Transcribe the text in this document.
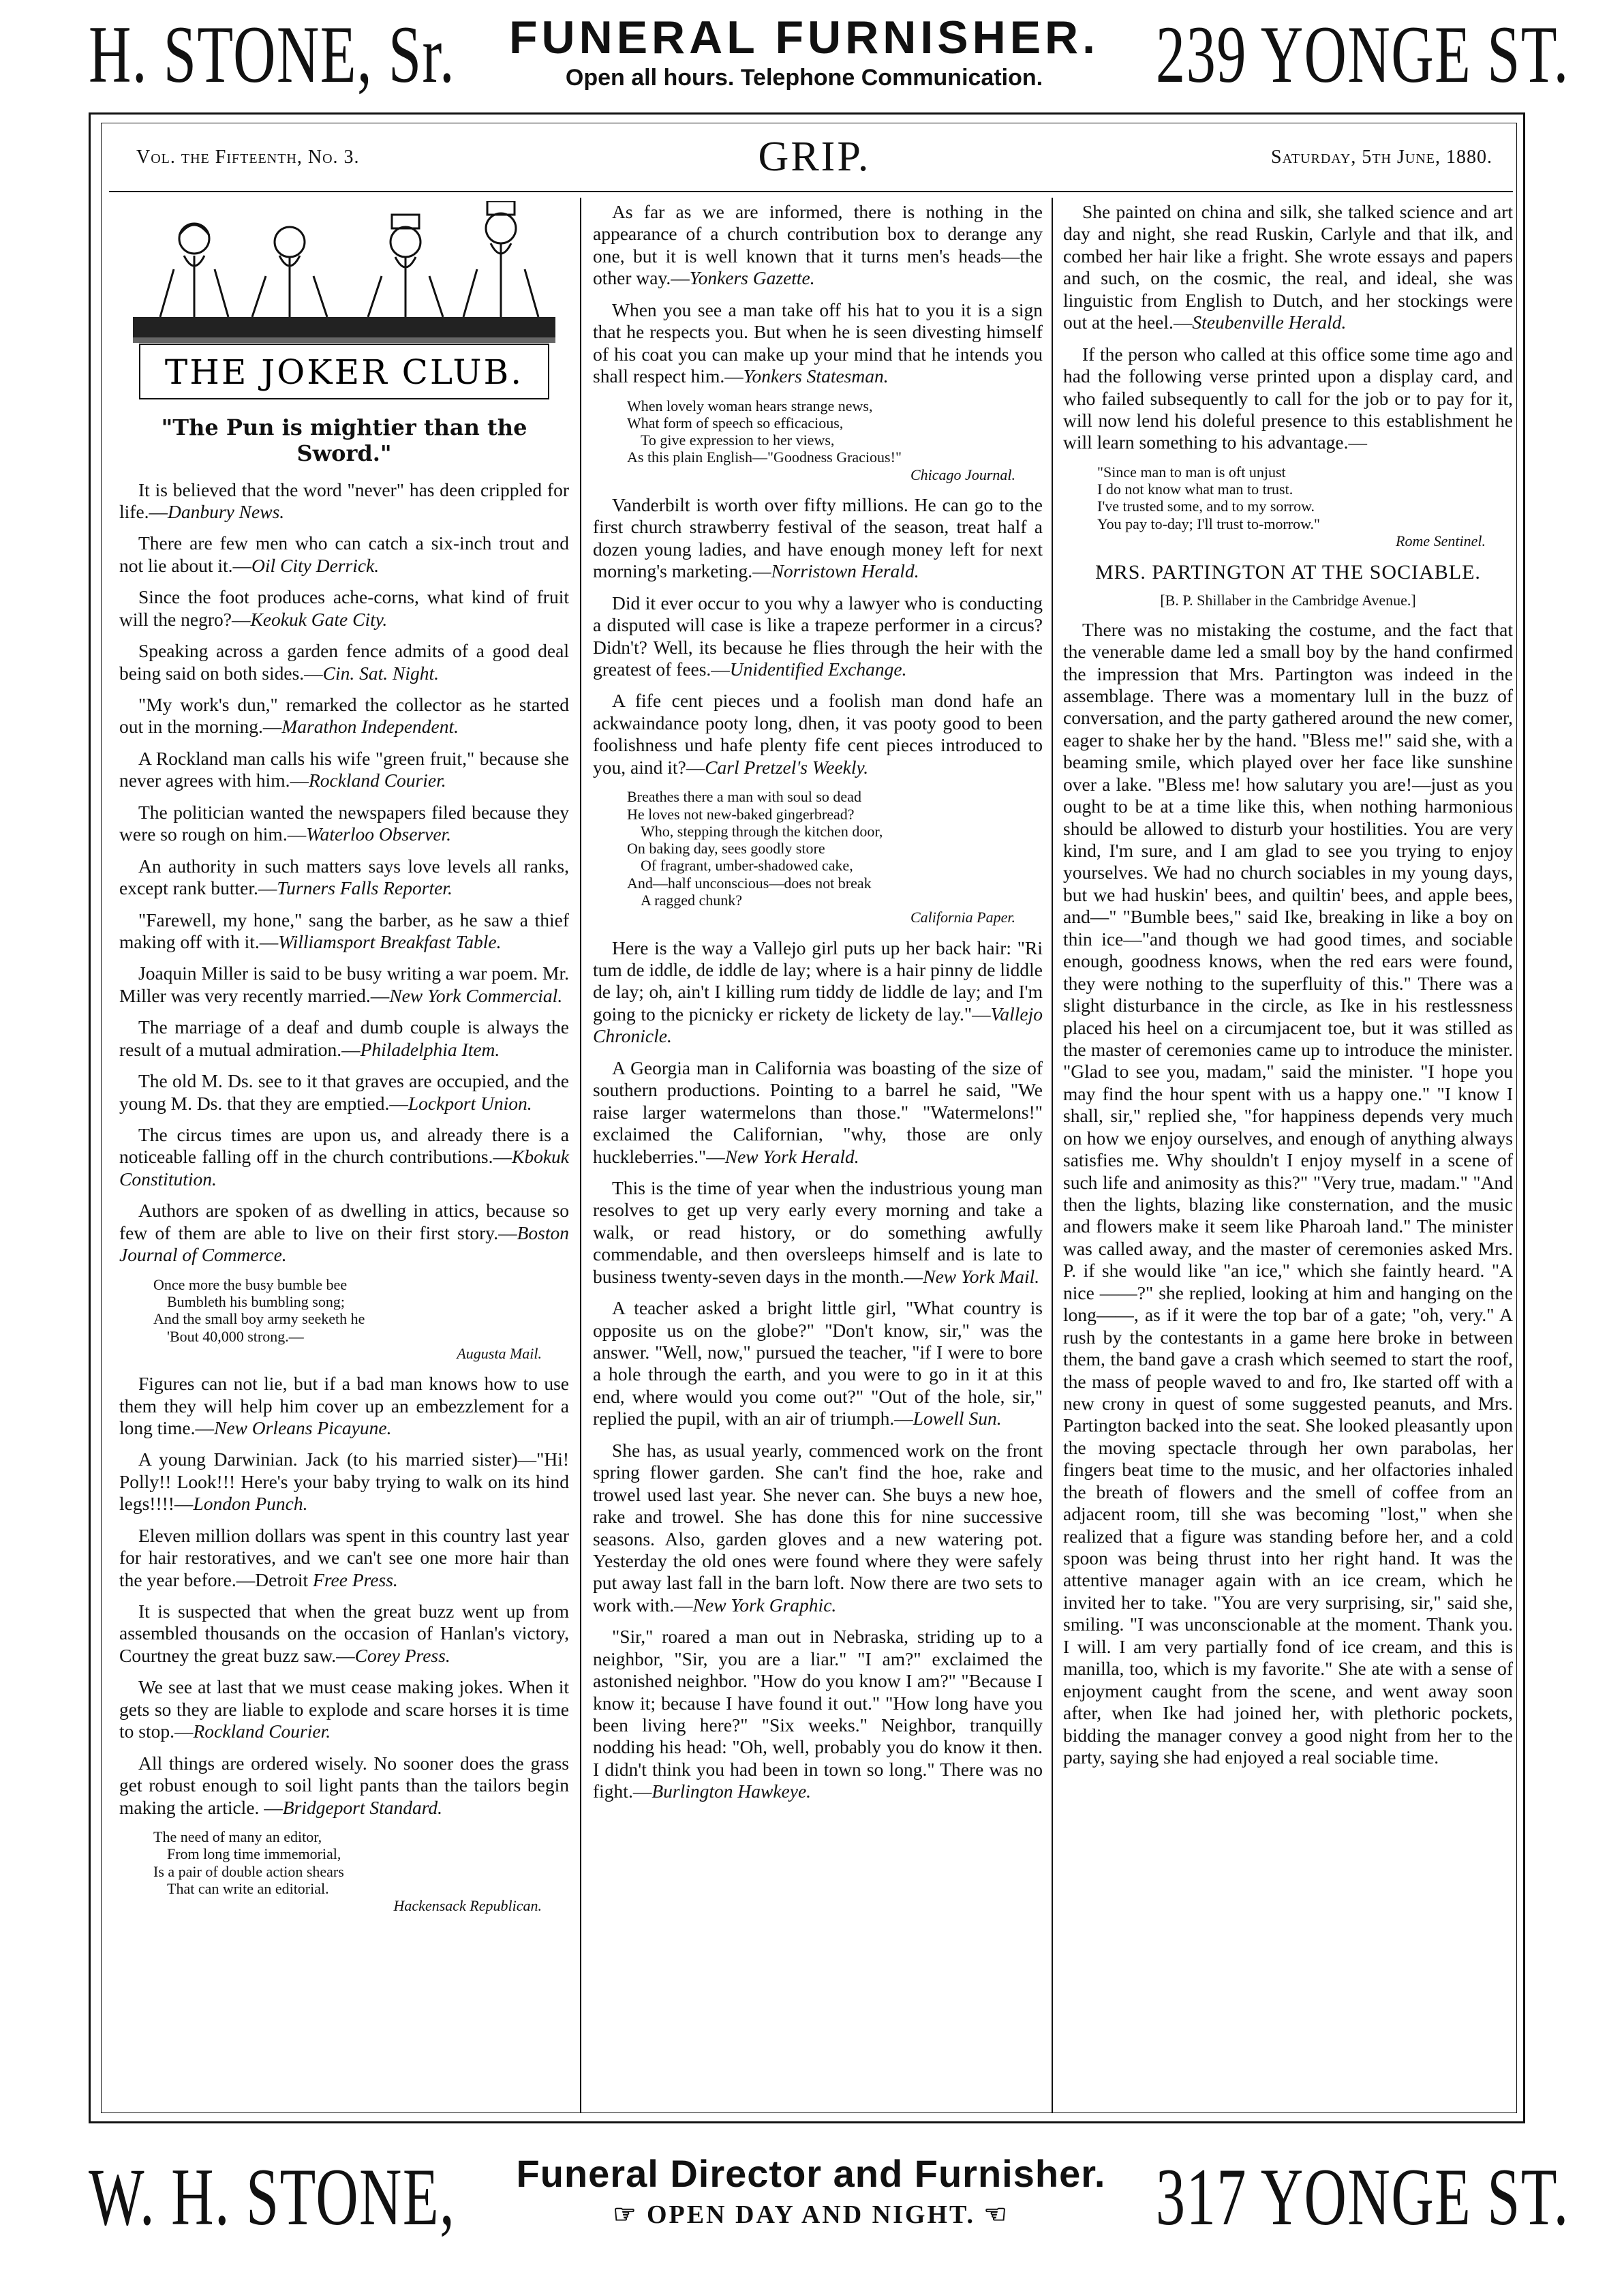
H. STONE, Sr.	FUNERAL FURNISHER.
Open all hours. Telephone Communication.	239 YONGE ST.
Vol. the Fifteenth, No. 3.	GRIP.	Saturday, 5th June, 1880.
THE JOKER CLUB.
"The Pun is mightier than the Sword."

It is believed that the word "never" has deen crippled for life.—Danbury News.

There are few men who can catch a six-inch trout and not lie about it.—Oil City Derrick.

Since the foot produces ache-corns, what kind of fruit will the negro?—Keokuk Gate City.

Speaking across a garden fence admits of a good deal being said on both sides.—Cin. Sat. Night.

"My work's dun," remarked the collector as he started out in the morning.—Marathon Independent.

A Rockland man calls his wife "green fruit," because she never agrees with him.—Rockland Courier.

The politician wanted the newspapers filed because they were so rough on him.—Waterloo Observer.

An authority in such matters says love levels all ranks, except rank butter.—Turners Falls Reporter.

"Farewell, my hone," sang the barber, as he saw a thief making off with it.—Williamsport Breakfast Table.

Joaquin Miller is said to be busy writing a war poem. Mr. Miller was very recently married.—New York Commercial.

The marriage of a deaf and dumb couple is always the result of a mutual admiration.—Philadelphia Item.

The old M. Ds. see to it that graves are occupied, and the young M. Ds. that they are emptied.—Lockport Union.

The circus times are upon us, and already there is a noticeable falling off in the church contributions.—Kbokuk Constitution.

Authors are spoken of as dwelling in attics, because so few of them are able to live on their first story.—Boston Journal of Commerce.

Once more the busy bumble bee
Bumbleth his bumbling song;
And the small boy army seeketh he
'Bout 40,000 strong.—
Augusta Mail.

Figures can not lie, but if a bad man knows how to use them they will help him cover up an embezzlement for a long time.—New Orleans Picayune.

A young Darwinian. Jack (to his married sister)—"Hi! Polly!! Look!!! Here's your baby trying to walk on its hind legs!!!!—London Punch.

Eleven million dollars was spent in this country last year for hair restoratives, and we can't see one more hair than the year before.—Detroit Free Press.

It is suspected that when the great buzz went up from assembled thousands on the occasion of Hanlan's victory, Courtney the great buzz saw.—Corey Press.

We see at last that we must cease making jokes. When it gets so they are liable to explode and scare horses it is time to stop.—Rockland Courier.

All things are ordered wisely. No sooner does the grass get robust enough to soil light pants than the tailors begin making the article. —Bridgeport Standard.

The need of many an editor,
From long time immemorial,
Is a pair of double action shears
That can write an editorial.
Hackensack Republican.

As far as we are informed, there is nothing in the appearance of a church contribution box to derange any one, but it is well known that it turns men's heads—the other way.—Yonkers Gazette.

When you see a man take off his hat to you it is a sign that he respects you. But when he is seen divesting himself of his coat you can make up your mind that he intends you shall respect him.—Yonkers Statesman.

When lovely woman hears strange news,
What form of speech so efficacious,
To give expression to her views,
As this plain English—"Goodness Gracious!"
Chicago Journal.

Vanderbilt is worth over fifty millions. He can go to the first church strawberry festival of the season, treat half a dozen young ladies, and have enough money left for next morning's marketing.—Norristown Herald.

Did it ever occur to you why a lawyer who is conducting a disputed will case is like a trapeze performer in a circus? Didn't? Well, its because he flies through the heir with the greatest of fees.—Unidentified Exchange.

A fife cent pieces und a foolish man dond hafe an ackwaindance pooty long, dhen, it vas pooty good to been foolishness und hafe plenty fife cent pieces introduced to you, aind it?—Carl Pretzel's Weekly.

Breathes there a man with soul so dead
He loves not new-baked gingerbread?
Who, stepping through the kitchen door,
On baking day, sees goodly store
Of fragrant, umber-shadowed cake,
And—half unconscious—does not break
A ragged chunk?
California Paper.

Here is the way a Vallejo girl puts up her back hair: "Ri tum de iddle, de iddle de lay; where is a hair pinny de liddle de lay; oh, ain't I killing rum tiddy de liddle de lay; and I'm going to the picnicky er rickety de lickety de lay."—Vallejo Chronicle.

A Georgia man in California was boasting of the size of southern productions. Pointing to a barrel he said, "We raise larger watermelons than those." "Watermelons!" exclaimed the Californian, "why, those are only huckleberries."—New York Herald.

This is the time of year when the industrious young man resolves to get up very early every morning and take a walk, or read history, or do something awfully commendable, and then oversleeps himself and is late to business twenty-seven days in the month.—New York Mail.

A teacher asked a bright little girl, "What country is opposite us on the globe?" "Don't know, sir," was the answer. "Well, now," pursued the teacher, "if I were to bore a hole through the earth, and you were to go in it at this end, where would you come out?" "Out of the hole, sir," replied the pupil, with an air of triumph.—Lowell Sun.

She has, as usual yearly, commenced work on the front spring flower garden. She can't find the hoe, rake and trowel used last year. She never can. She buys a new hoe, rake and trowel. She has done this for nine successive seasons. Also, garden gloves and a new watering pot. Yesterday the old ones were found where they were safely put away last fall in the barn loft. Now there are two sets to work with.—New York Graphic.

"Sir," roared a man out in Nebraska, striding up to a neighbor, "Sir, you are a liar." "I am?" exclaimed the astonished neighbor. "How do you know I am?" "Because I know it; because I have found it out." "How long have you been living here?" "Six weeks." Neighbor, tranquilly nodding his head: "Oh, well, probably you do know it then. I didn't think you had been in town so long." There was no fight.—Burlington Hawkeye.

She painted on china and silk, she talked science and art day and night, she read Ruskin, Carlyle and that ilk, and combed her hair like a fright. She wrote essays and papers and such, on the cosmic, the real, and ideal, she was linguistic from English to Dutch, and her stockings were out at the heel.—Steubenville Herald.

If the person who called at this office some time ago and had the following verse printed upon a display card, and who failed subsequently to call for the job or to pay for it, will now lend his doleful presence to this establishment he will learn something to his advantage.—

"Since man to man is oft unjust
I do not know what man to trust.
I've trusted some, and to my sorrow.
You pay to-day; I'll trust to-morrow."
Rome Sentinel.
MRS. PARTINGTON AT THE SOCIABLE.
[B. P. Shillaber in the Cambridge Avenue.]

There was no mistaking the costume, and the fact that the venerable dame led a small boy by the hand confirmed the impression that Mrs. Partington was indeed in the assemblage. There was a momentary lull in the buzz of conversation, and the party gathered around the new comer, eager to shake her by the hand. "Bless me!" said she, with a beaming smile, which played over her face like sunshine over a lake. "Bless me! how salutary you are!—just as you ought to be at a time like this, when nothing harmonious should be allowed to disturb your hostilities. You are very kind, I'm sure, and I am glad to see you trying to enjoy yourselves. We had no church sociables in my young days, but we had huskin' bees, and quiltin' bees, and apple bees, and—" "Bumble bees," said Ike, breaking in like a boy on thin ice—"and though we had good times, and sociable enough, goodness knows, when the red ears were found, they were nothing to the superfluity of this." There was a slight disturbance in the circle, as Ike in his restlessness placed his heel on a circumjacent toe, but it was stilled as the master of ceremonies came up to introduce the minister. "Glad to see you, madam," said the minister. "I hope you may find the hour spent with us a happy one." "I know I shall, sir," replied she, "for happiness depends very much on how we enjoy ourselves, and enough of anything always satisfies me. Why shouldn't I enjoy myself in a scene of such life and animosity as this?" "Very true, madam." "And then the lights, blazing like consternation, and the music and flowers make it seem like Pharoah land." The minister was called away, and the master of ceremonies asked Mrs. P. if she would like "an ice," which she faintly heard. "A nice ——?" she replied, looking at him and hanging on the long——, as if it were the top bar of a gate; "oh, very." A rush by the contestants in a game here broke in between them, the band gave a crash which seemed to start the roof, the mass of people waved to and fro, Ike started off with a new crony in quest of some suggested peanuts, and Mrs. Partington backed into the seat. She looked pleasantly upon the moving spectacle through her own parabolas, her fingers beat time to the music, and her olfactories inhaled the breath of flowers and the smell of coffee from an adjacent room, till she was becoming "lost," when she realized that a figure was standing before her, and a cold spoon was being thrust into her right hand. It was the attentive manager again with an ice cream, which he invited her to take. "You are very surprising, sir," said she, smiling. "I was unconscionable at the moment. Thank you. I will. I am very partially fond of ice cream, and this is manilla, too, which is my favorite." She ate with a sense of enjoyment caught from the scene, and went away soon after, when Ike had joined her, with plethoric pockets, bidding the manager convey a good night from her to the party, saying she had enjoyed a real sociable time.

W. H. STONE,	Funeral Director and Furnisher.
☞ OPEN DAY AND NIGHT. ☜	317 YONGE ST.
